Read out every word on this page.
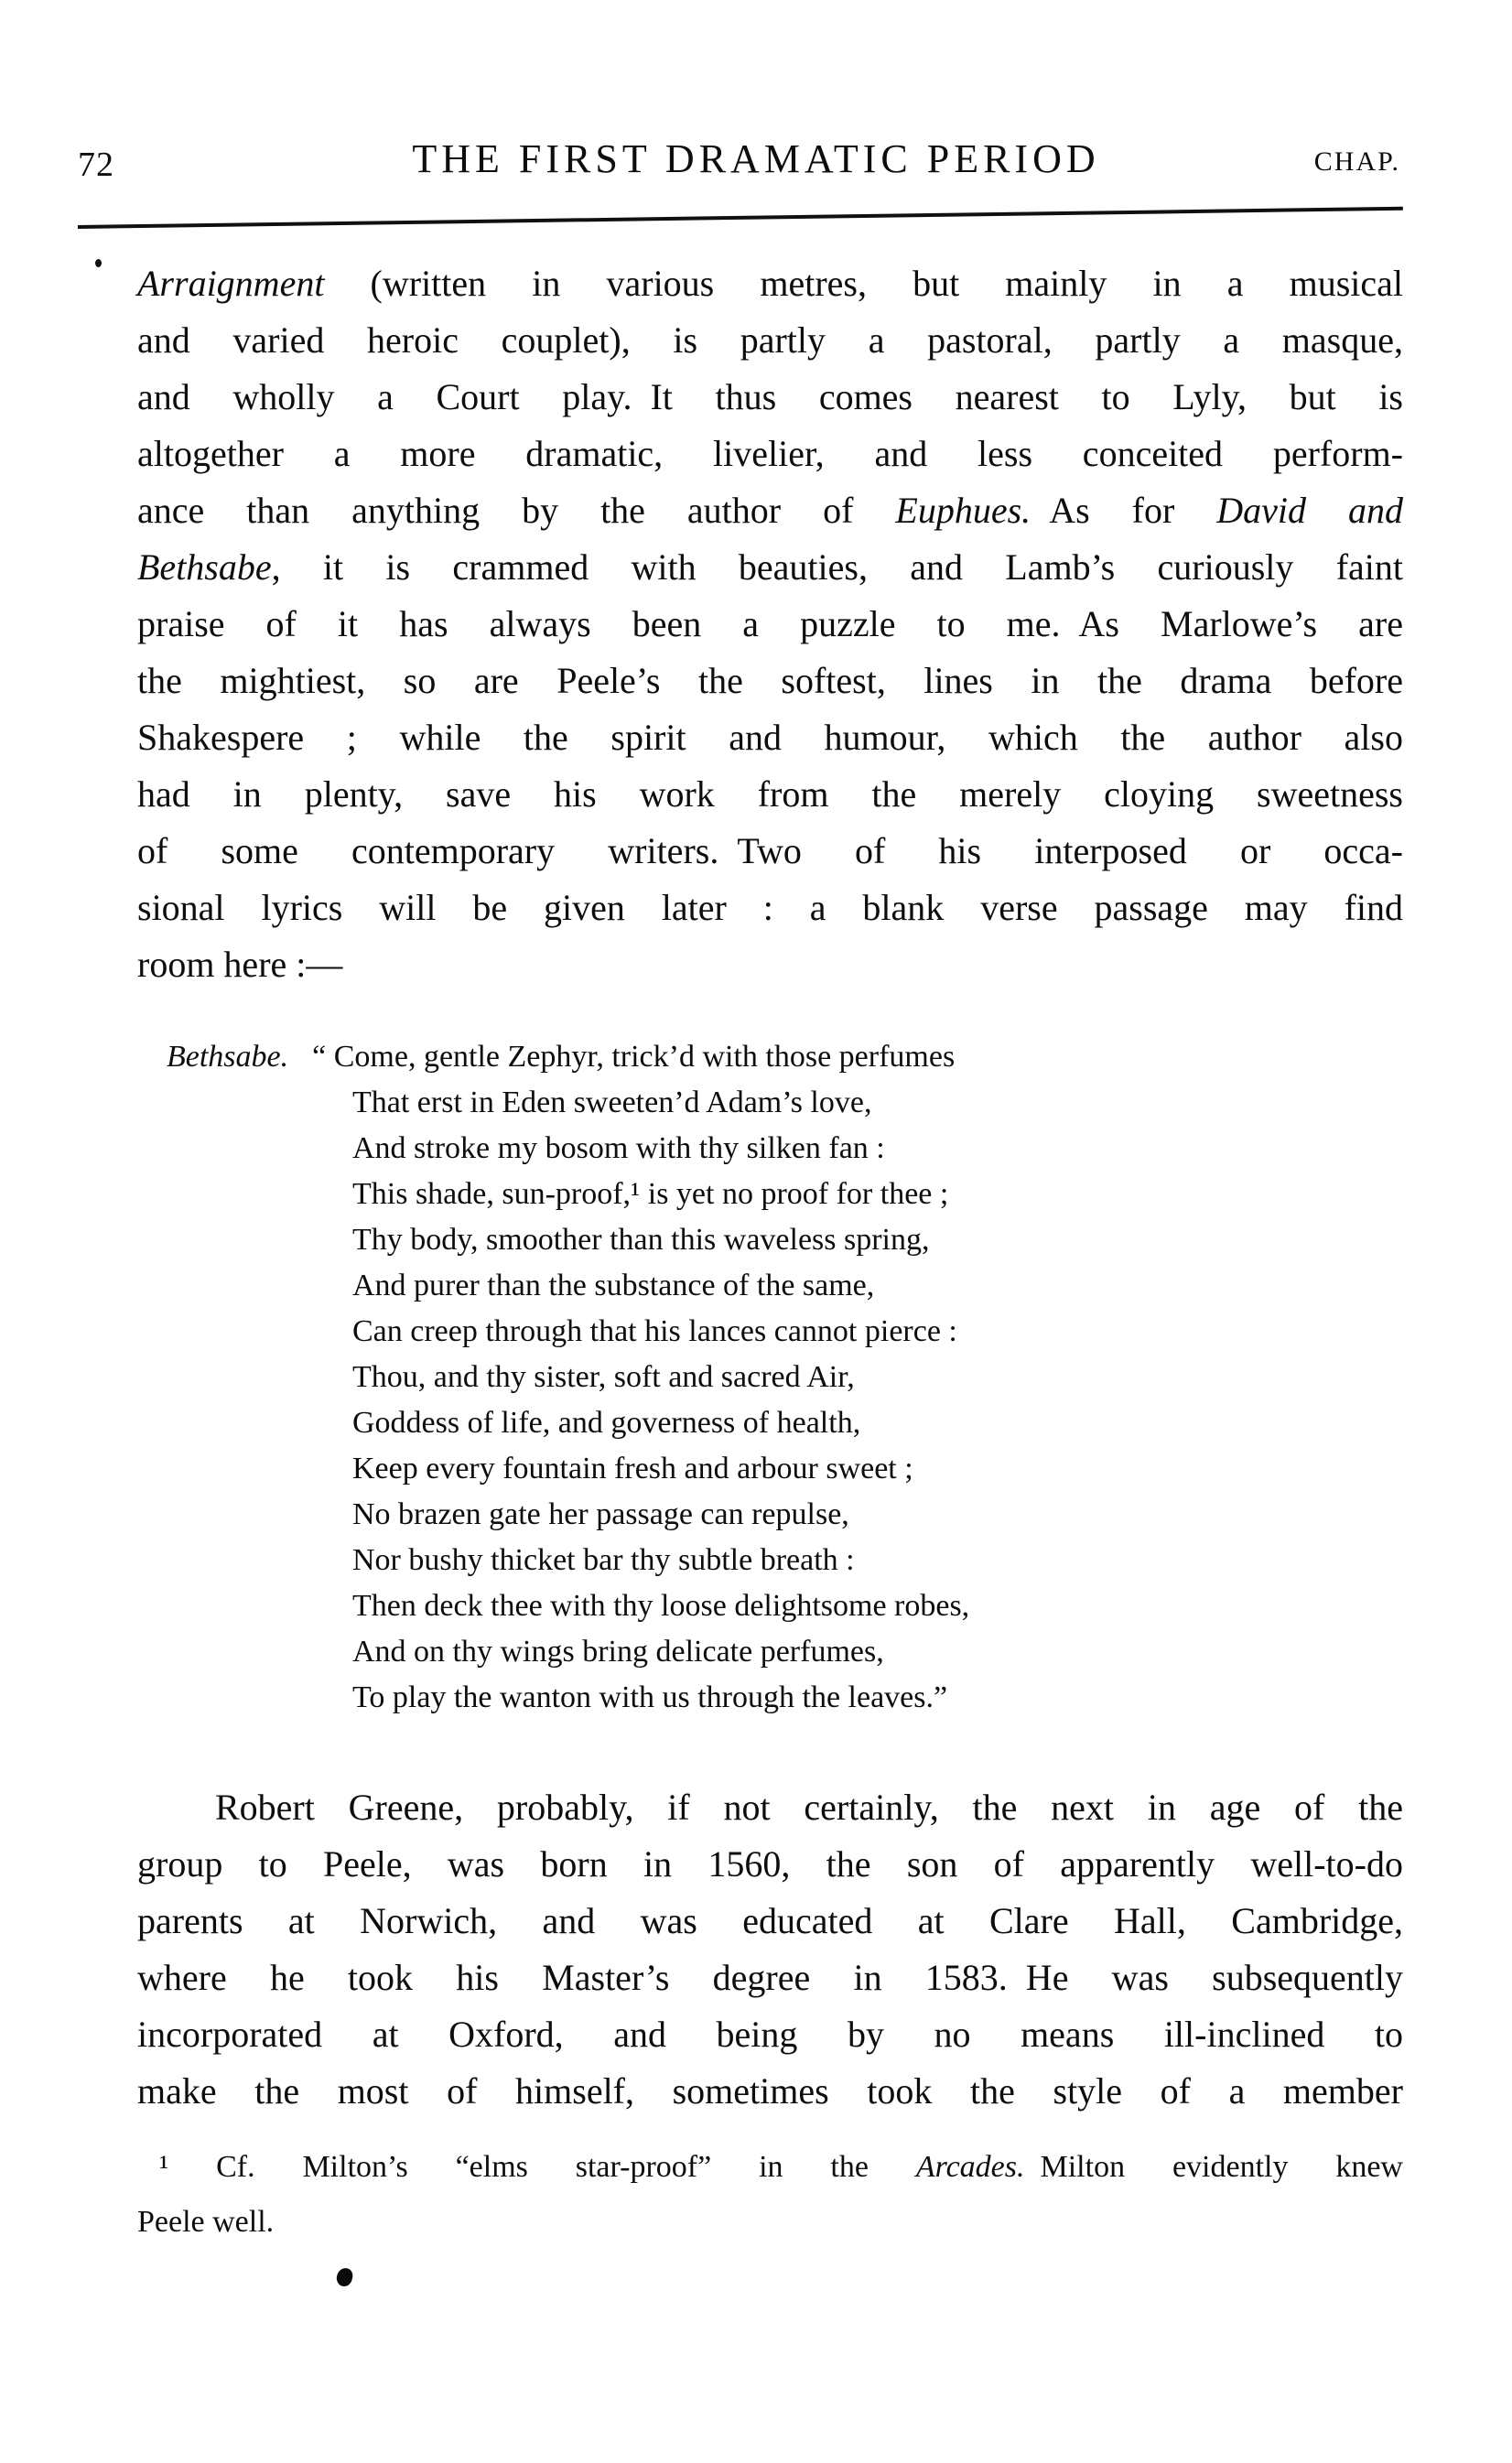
72	THE FIRST DRAMATIC PERIOD	CHAP.
Arraignment (written in various metres, but mainly in a musical
and varied heroic couplet), is partly a pastoral, partly a masque,
and wholly a Court play. It thus comes nearest to Lyly, but is
altogether a more dramatic, livelier, and less conceited perform-
ance than anything by the author of Euphues. As for David and
Bethsabe, it is crammed with beauties, and Lamb’s curiously faint
praise of it has always been a puzzle to me. As Marlowe’s are
the mightiest, so are Peele’s the softest, lines in the drama before
Shakespere ; while the spirit and humour, which the author also
had in plenty, save his work from the merely cloying sweetness
of some contemporary writers. Two of his interposed or occa-
sional lyrics will be given later : a blank verse passage may find
room here :—
Bethsabe. “ Come, gentle Zephyr, trick’d with those perfumes
That erst in Eden sweeten’d Adam’s love,
And stroke my bosom with thy silken fan :
This shade, sun-proof,¹ is yet no proof for thee ;
Thy body, smoother than this waveless spring,
And purer than the substance of the same,
Can creep through that his lances cannot pierce :
Thou, and thy sister, soft and sacred Air,
Goddess of life, and governess of health,
Keep every fountain fresh and arbour sweet ;
No brazen gate her passage can repulse,
Nor bushy thicket bar thy subtle breath :
Then deck thee with thy loose delightsome robes,
And on thy wings bring delicate perfumes,
To play the wanton with us through the leaves.”
Robert Greene, probably, if not certainly, the next in age of the
group to Peele, was born in 1560, the son of apparently well-to-do
parents at Norwich, and was educated at Clare Hall, Cambridge,
where he took his Master’s degree in 1583. He was subsequently
incorporated at Oxford, and being by no means ill-inclined to
make the most of himself, sometimes took the style of a member
¹ Cf. Milton’s “elms star-proof” in the Arcades. Milton evidently knew
Peele well.
